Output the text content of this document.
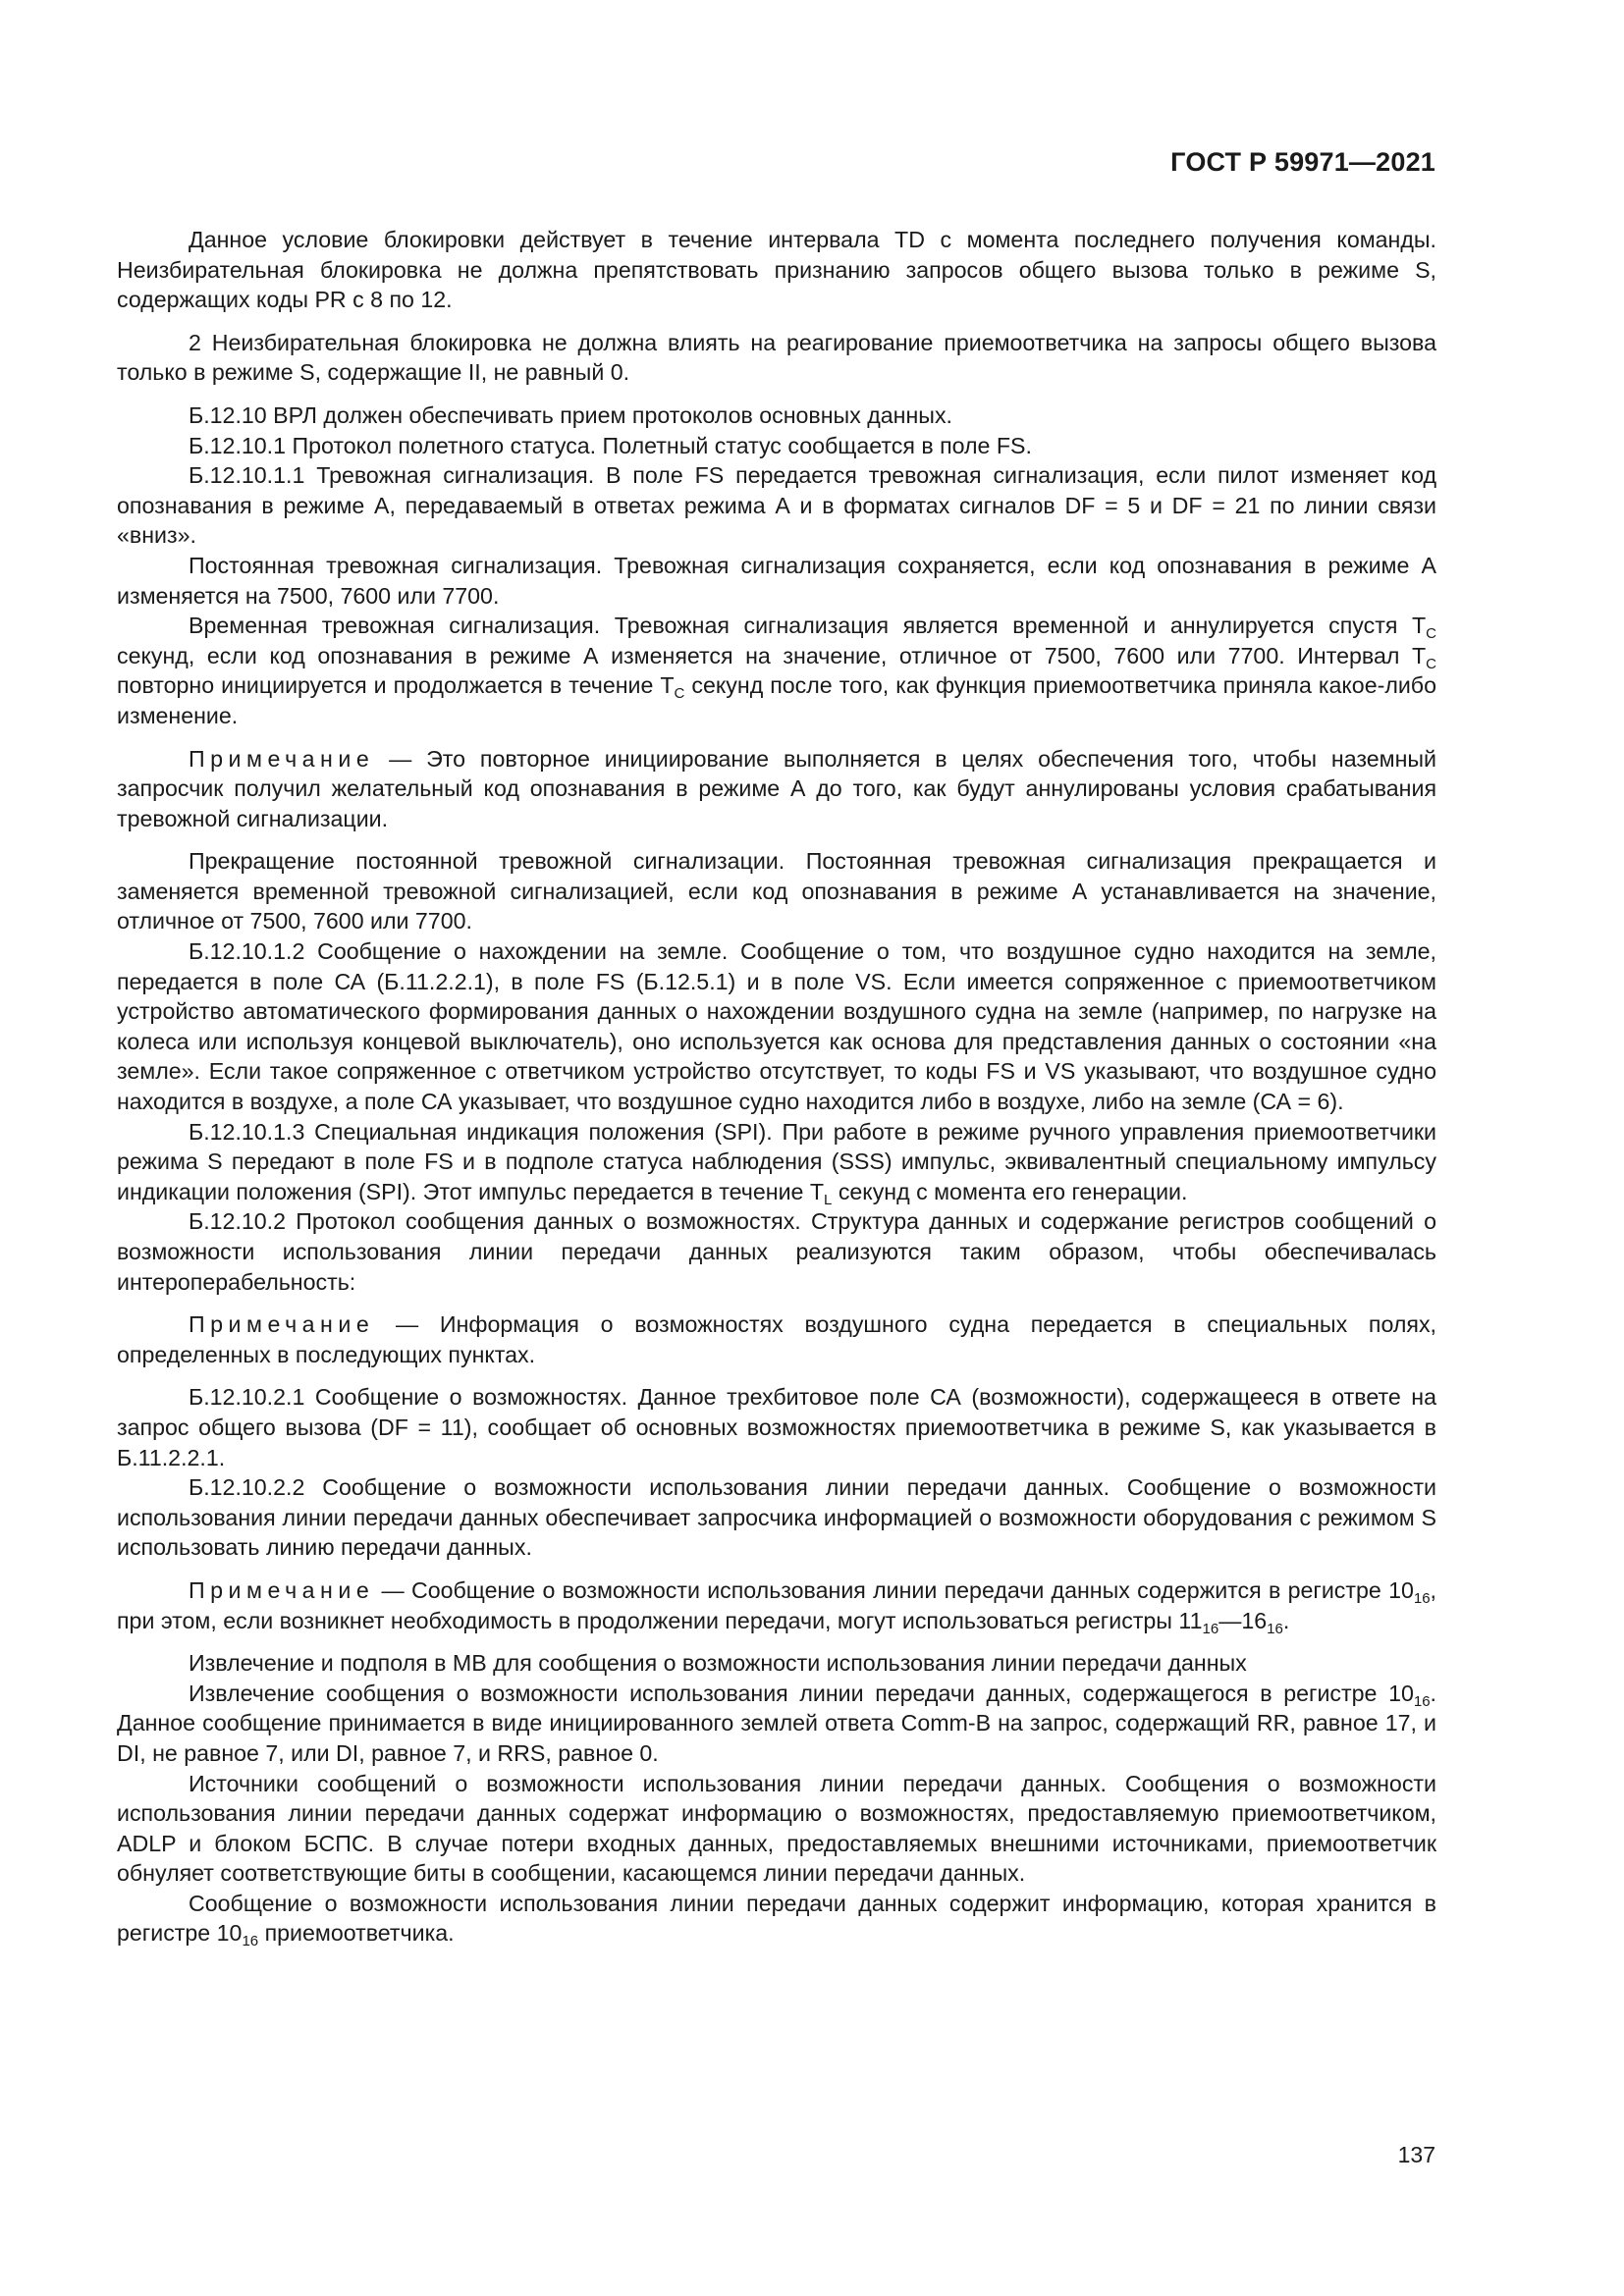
ГОСТ Р 59971—2021

Данное условие блокировки действует в течение интервала TD с момента последнего получения команды. Неизбирательная блокировка не должна препятствовать признанию запросов общего вызова только в режиме S, содержащих коды PR с 8 по 12.

2 Неизбирательная блокировка не должна влиять на реагирование приемоответчика на запросы общего вызова только в режиме S, содержащие II, не равный 0.

Б.12.10 ВРЛ должен обеспечивать прием протоколов основных данных.

Б.12.10.1 Протокол полетного статуса. Полетный статус сообщается в поле FS.

Б.12.10.1.1 Тревожная сигнализация. В поле FS передается тревожная сигнализация, если пилот изменяет код опознавания в режиме А, передаваемый в ответах режима А и в форматах сигналов DF = 5 и DF = 21 по линии связи «вниз».

Постоянная тревожная сигнализация. Тревожная сигнализация сохраняется, если код опознавания в режиме А изменяется на 7500, 7600 или 7700.

Временная тревожная сигнализация. Тревожная сигнализация является временной и аннулируется спустя $T_C$ секунд, если код опознавания в режиме А изменяется на значение, отличное от 7500, 7600 или 7700. Интервал $T_C$ повторно инициируется и продолжается в течение $T_C$ секунд после того, как функция приемоответчика приняла какое-либо изменение.

Примечание — Это повторное инициирование выполняется в целях обеспечения того, чтобы наземный запросчик получил желательный код опознавания в режиме А до того, как будут аннулированы условия срабатывания тревожной сигнализации.

Прекращение постоянной тревожной сигнализации. Постоянная тревожная сигнализация прекращается и заменяется временной тревожной сигнализацией, если код опознавания в режиме А устанавливается на значение, отличное от 7500, 7600 или 7700.

Б.12.10.1.2 Сообщение о нахождении на земле. Сообщение о том, что воздушное судно находится на земле, передается в поле СА (Б.11.2.2.1), в поле FS (Б.12.5.1) и в поле VS. Если имеется сопряженное с приемоответчиком устройство автоматического формирования данных о нахождении воздушного судна на земле (например, по нагрузке на колеса или используя концевой выключатель), оно используется как основа для представления данных о состоянии «на земле». Если такое сопряженное с ответчиком устройство отсутствует, то коды FS и VS указывают, что воздушное судно находится в воздухе, а поле СА указывает, что воздушное судно находится либо в воздухе, либо на земле (СА = 6).

Б.12.10.1.3 Специальная индикация положения (SPI). При работе в режиме ручного управления приемоответчики режима S передают в поле FS и в подполе статуса наблюдения (SSS) импульс, эквивалентный специальному импульсу индикации положения (SPI). Этот импульс передается в течение $T_L$ секунд с момента его генерации.

Б.12.10.2 Протокол сообщения данных о возможностях. Структура данных и содержание регистров сообщений о возможности использования линии передачи данных реализуются таким образом, чтобы обеспечивалась интероперабельность:

Примечание — Информация о возможностях воздушного судна передается в специальных полях, определенных в последующих пунктах.

Б.12.10.2.1 Сообщение о возможностях. Данное трехбитовое поле СА (возможности), содержащееся в ответе на запрос общего вызова (DF = 11), сообщает об основных возможностях приемоответчика в режиме S, как указывается в Б.11.2.2.1.

Б.12.10.2.2 Сообщение о возможности использования линии передачи данных. Сообщение о возможности использования линии передачи данных обеспечивает запросчика информацией о возможности оборудования с режимом S использовать линию передачи данных.

Примечание — Сообщение о возможности использования линии передачи данных содержится в регистре $10_{16}$, при этом, если возникнет необходимость в продолжении передачи, могут использоваться регистры $11_{16}—16_{16}$.

Извлечение и подполя в МВ для сообщения о возможности использования линии передачи данных

Извлечение сообщения о возможности использования линии передачи данных, содержащегося в регистре $10_{16}$. Данное сообщение принимается в виде инициированного землей ответа Comm-B на запрос, содержащий RR, равное 17, и DI, не равное 7, или DI, равное 7, и RRS, равное 0.

Источники сообщений о возможности использования линии передачи данных. Сообщения о возможности использования линии передачи данных содержат информацию о возможностях, предоставляемую приемоответчиком, ADLP и блоком БСПС. В случае потери входных данных, предоставляемых внешними источниками, приемоответчик обнуляет соответствующие биты в сообщении, касающемся линии передачи данных.

Сообщение о возможности использования линии передачи данных содержит информацию, которая хранится в регистре $10_{16}$ приемоответчика.

137
